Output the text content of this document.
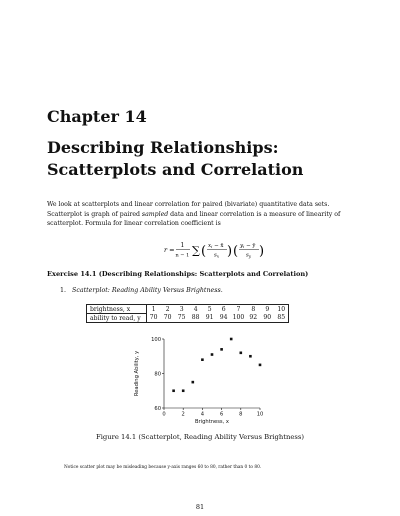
Chapter 14
Describing Relationships:
Scatterplots and Correlation
We look at scatterplots and linear correlation for paired (bivariate) quantitative data sets. Scatterplot is graph of paired sampled data and linear correlation is a measure of linearity of scatterplot. Formula for linear correlation coefficient is
r =
1
n − 1 ∑ ( xi − x̄
sx ) ( yi − ȳ
sy )
Exercise 14.1 (Describing Relationships: Scatterplots and Correlation)
1. Scatterplot: Reading Ability Versus Brightness.
brightness, x	1	2	3	4	5	6	7	8	9	10
ability to read, y	70	70	75	88	91	94	100	92	90	85
60
80
100
0	2	4	6	8	10
Brightness, x
Reading Ability, y
Figure 14.1 (Scatterplot, Reading Ability Versus Brightness)
Notice scatter plot may be misleading because y-axis ranges 60 to 80, rather than 0 to 80.
81
